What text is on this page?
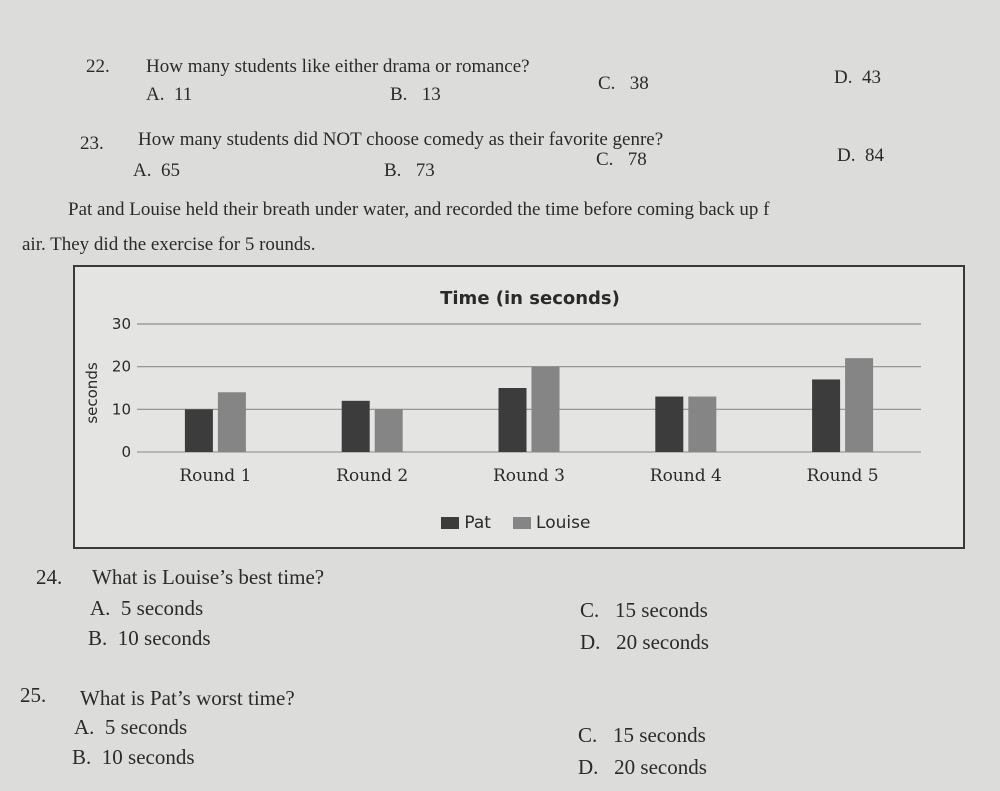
22. How many students like either drama or romance?
A. 11	B. 13
C. 38	D. 43
23. How many students did NOT choose comedy as their favorite genre?
A. 65	B. 73
C. 78	D. 84
Pat and Louise held their breath under water, and recorded the time before coming back up f
air. They did the exercise for 5 rounds.
Time (in seconds)
seconds
0
10
20
30
Round 1	Round 2	Round 3	Round 4	Round 5
Pat	Louise
24. What is Louise’s best time?
A. 5 seconds
B. 10 seconds
C. 15 seconds
D. 20 seconds
25. What is Pat’s worst time?
A. 5 seconds
B. 10 seconds
C. 15 seconds
D. 20 seconds
